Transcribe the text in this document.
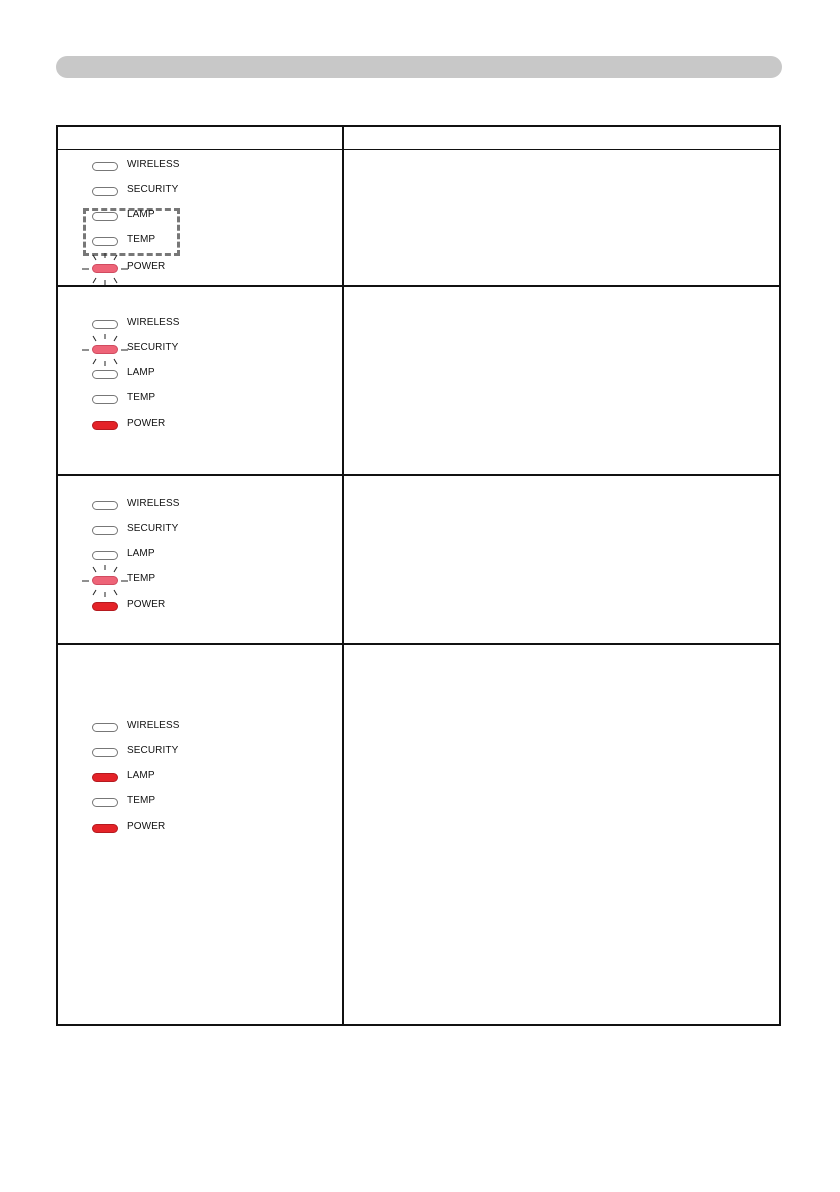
WIRELESS
SECURITY
LAMP
TEMP
POWER
WIRELESS
SECURITY
LAMP
TEMP
POWER
WIRELESS
SECURITY
LAMP
TEMP
POWER
WIRELESS
SECURITY
LAMP
TEMP
POWER
